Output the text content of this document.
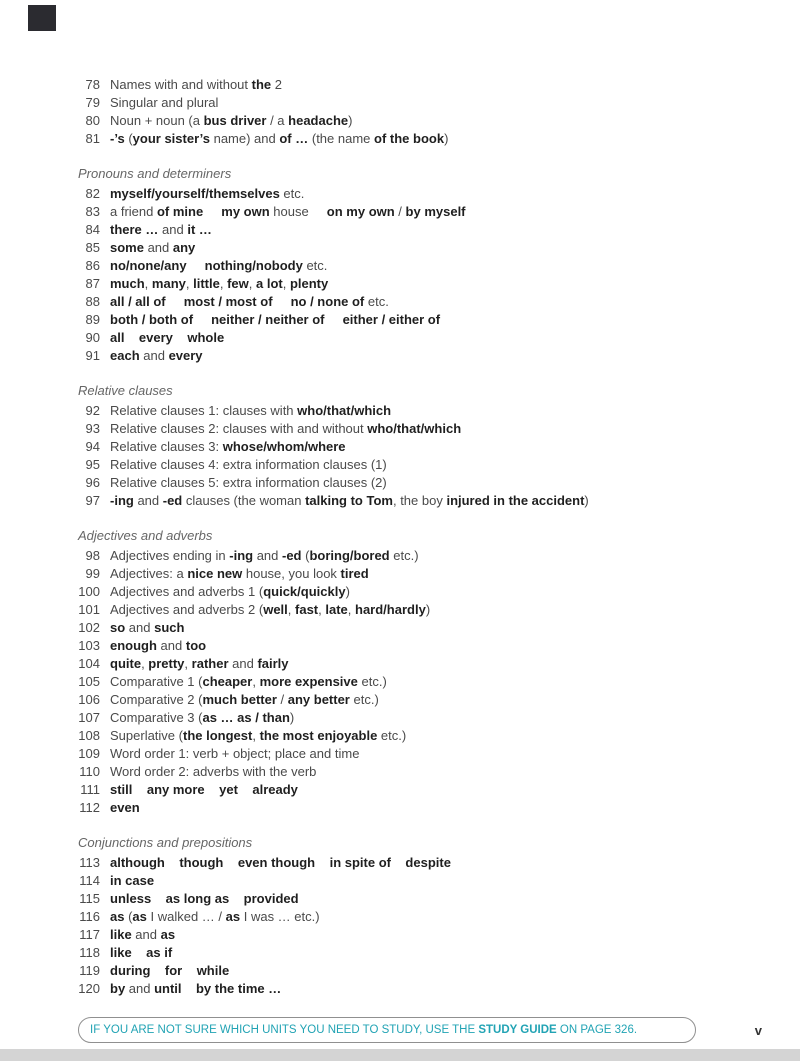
78 Names with and without the 2
79 Singular and plural
80 Noun + noun (a bus driver / a headache)
81 -’s (your sister’s name) and of … (the name of the book)
Pronouns and determiners
82 myself/yourself/themselves etc.
83 a friend of mine my own house on my own / by myself
84 there … and it …
85 some and any
86 no/none/any nothing/nobody etc.
87 much, many, little, few, a lot, plenty
88 all / all of most / most of no / none of etc.
89 both / both of neither / neither of either / either of
90 all every whole
91 each and every
Relative clauses
92 Relative clauses 1: clauses with who/that/which
93 Relative clauses 2: clauses with and without who/that/which
94 Relative clauses 3: whose/whom/where
95 Relative clauses 4: extra information clauses (1)
96 Relative clauses 5: extra information clauses (2)
97 -ing and -ed clauses (the woman talking to Tom, the boy injured in the accident)
Adjectives and adverbs
98 Adjectives ending in -ing and -ed (boring/bored etc.)
99 Adjectives: a nice new house, you look tired
100 Adjectives and adverbs 1 (quick/quickly)
101 Adjectives and adverbs 2 (well, fast, late, hard/hardly)
102 so and such
103 enough and too
104 quite, pretty, rather and fairly
105 Comparative 1 (cheaper, more expensive etc.)
106 Comparative 2 (much better / any better etc.)
107 Comparative 3 (as … as / than)
108 Superlative (the longest, the most enjoyable etc.)
109 Word order 1: verb + object; place and time
110 Word order 2: adverbs with the verb
111 still any more yet already
112 even
Conjunctions and prepositions
113 although though even though in spite of despite
114 in case
115 unless as long as provided
116 as (as I walked … / as I was … etc.)
117 like and as
118 like as if
119 during for while
120 by and until by the time …
IF YOU ARE NOT SURE WHICH UNITS YOU NEED TO STUDY, USE THE STUDY GUIDE ON PAGE 326.	v
